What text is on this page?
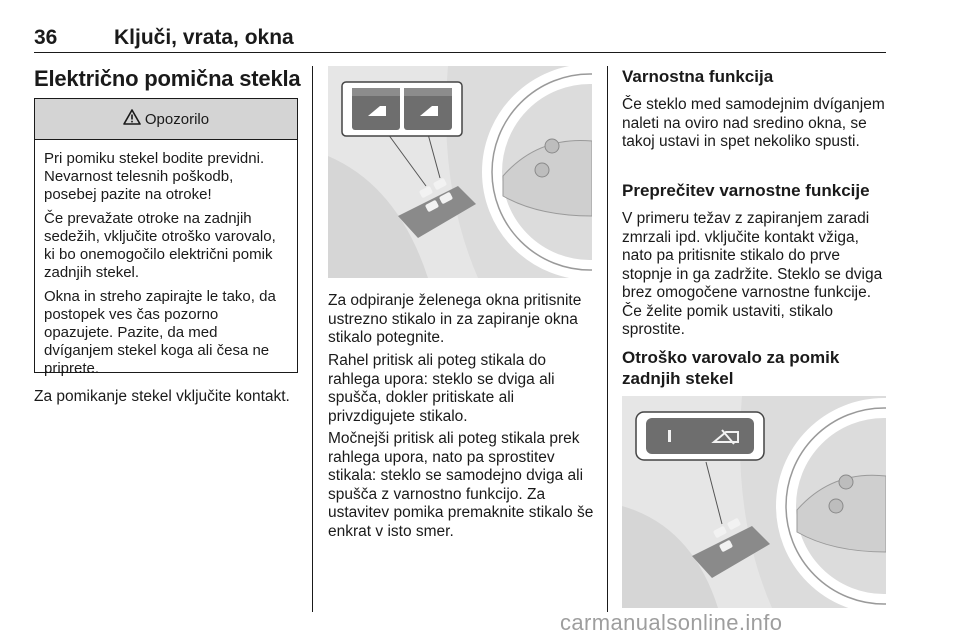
36	Ključi, vrata, okna
Električno pomična stekla
Opozorilo

Pri pomiku stekel bodite previdni. Nevarnost telesnih poškodb, posebej pazite na otroke!

Če prevažate otroke na zadnjih sedežih, vključite otroško varovalo, ki bo onemogočilo električni pomik zadnjih stekel.

Okna in streho zapirajte le tako, da postopek ves čas pozorno opazujete. Pazite, da med dvíganjem stekel koga ali česa ne priprete.

Za pomikanje stekel vključite kontakt.

Za odpiranje želenega okna pritisnite ustrezno stikalo in za zapiranje okna stikalo potegnite.

Rahel pritisk ali poteg stikala do rahlega upora: steklo se dviga ali spušča, dokler pritiskate ali privzdigujete stikalo.

Močnejši pritisk ali poteg stikala prek rahlega upora, nato pa sprostitev stikala: steklo se samodejno dviga ali spušča z varnostno funkcijo. Za ustavitev pomika premaknite stikalo še enkrat v isto smer.

Varnostna funkcija

Če steklo med samodejnim dvíganjem naleti na oviro nad sredino okna, se takoj ustavi in spet nekoliko spusti.

Preprečitev varnostne funkcije

V primeru težav z zapiranjem zaradi zmrzali ipd. vključite kontakt vžiga, nato pa pritisnite stikalo do prve stopnje in ga zadržite. Steklo se dviga brez omogočene varnostne funkcije. Če želite pomik ustaviti, stikalo sprostite.

Otroško varovalo za pomik zadnjih stekel

carmanualsonline.info
